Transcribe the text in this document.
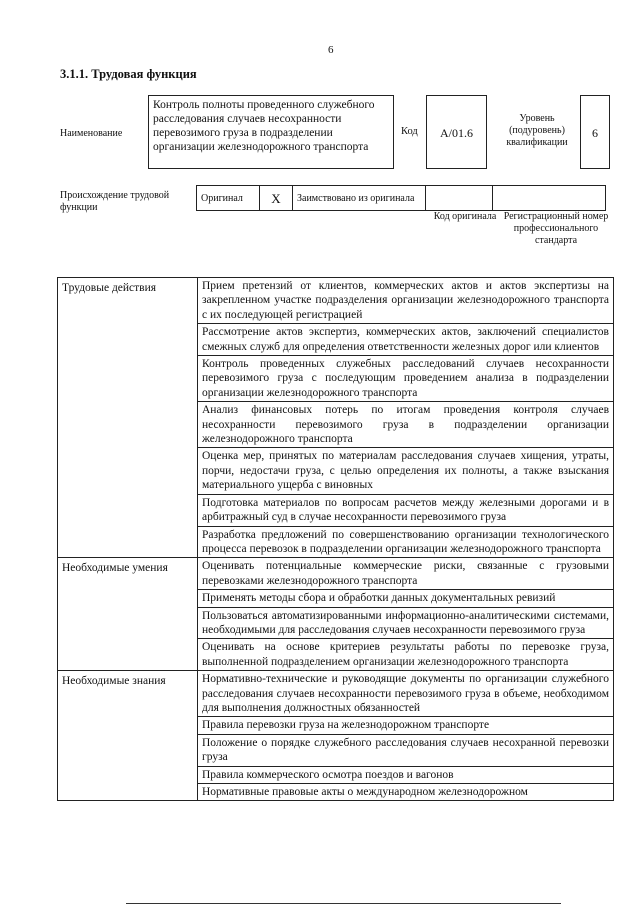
6
3.1.1. Трудовая функция
Наименование
Контроль полноты проведенного служебного расследования случаев несохранности перевозимого груза в подразделении организации железнодорожного транспорта
Код	А/01.6
Уровень (подуровень) квалификации
6
Происхождение трудовой функции
Оригинал	X	Заимствовано из оригинала		
Код оригинала Регистрационный номер профессионального стандарта
Трудовые действия	Прием претензий от клиентов, коммерческих актов и актов экспертизы на закрепленном участке подразделения организации железнодорожного транспорта с их последующей регистрацией
	Рассмотрение актов экспертиз, коммерческих актов, заключений специалистов смежных служб для определения ответственности железных дорог или клиентов
	Контроль проведенных служебных расследований случаев несохранности перевозимого груза с последующим проведением анализа в подразделении организации железнодорожного транспорта
	Анализ финансовых потерь по итогам проведения контроля случаев несохранности перевозимого груза в подразделении организации железнодорожного транспорта
	Оценка мер, принятых по материалам расследования случаев хищения, утраты, порчи, недостачи груза, с целью определения их полноты, а также взыскания материального ущерба с виновных
	Подготовка материалов по вопросам расчетов между железными дорогами и в арбитражный суд в случае несохранности перевозимого груза
	Разработка предложений по совершенствованию организации технологического процесса перевозок в подразделении организации железнодорожного транспорта
Необходимые умения	Оценивать потенциальные коммерческие риски, связанные с грузовыми перевозками железнодорожного транспорта
	Применять методы сбора и обработки данных документальных ревизий
	Пользоваться автоматизированными информационно-аналитическими системами, необходимыми для расследования случаев несохранности перевозимого груза
	Оценивать на основе критериев результаты работы по перевозке груза, выполненной подразделением организации железнодорожного транспорта
Необходимые знания	Нормативно-технические и руководящие документы по организации служебного расследования случаев несохранности перевозимого груза в объеме, необходимом для выполнения должностных обязанностей
	Правила перевозки груза на железнодорожном транспорте
	Положение о порядке служебного расследования случаев несохранной перевозки груза
	Правила коммерческого осмотра поездов и вагонов
	Нормативные правовые акты о международном железнодорожном
